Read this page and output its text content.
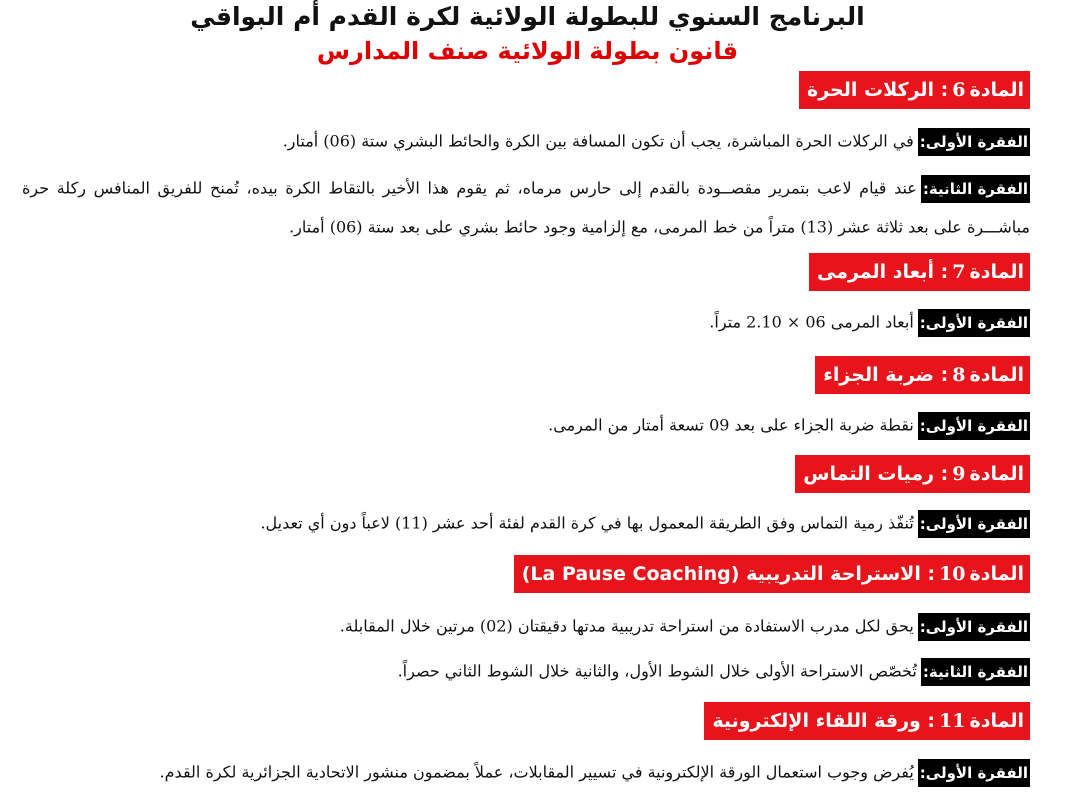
البرنامج السنوي للبطولة الولائية لكرة القدم أم البواقي
قانون بطولة الولائية صنف المدارس
المادة
6
: الركلات الحرة
الفقرة الأولى:في الركلات الحرة المباشرة، يجب أن تكون المسافة بين الكرة والحائط البشري ستة (06) أمتار.
الفقرة الثانية:عند قيام لاعب بتمرير مقصــودة بالقدم إلى حارس مرماه، ثم يقوم هذا الأخير بالتقاط الكرة بيده، تُمنح للفريق المنافس ركلة حرة مباشـــرة على بعد ثلاثة عشر (13) متراً من خط المرمى، مع إلزامية وجود حائط بشري على بعد ستة (06) أمتار.
المادة
7
: أبعاد المرمى
الفقرة الأولى:أبعاد المرمى 06 × 2.10 متراً.
المادة
8
: ضربة الجزاء
الفقرة الأولى:نقطة ضربة الجزاء على بعد 09 تسعة أمتار من المرمى.
المادة
9
: رميات التماس
الفقرة الأولى:تُنفّذ رمية التماس وفق الطريقة المعمول بها في كرة القدم لفئة أحد عشر (11) لاعباً دون أي تعديل.
المادة
10
: الاستراحة التدريبية (La Pause Coaching)
الفقرة الأولى:يحق لكل مدرب الاستفادة من استراحة تدريبية مدتها دقيقتان (02) مرتين خلال المقابلة.
الفقرة الثانية:تُخصّص الاستراحة الأولى خلال الشوط الأول، والثانية خلال الشوط الثاني حصراً.
المادة
11
: ورقة اللقاء الإلكترونية
الفقرة الأولى:يُفرض وجوب استعمال الورقة الإلكترونية في تسيير المقابلات، عملاً بمضمون منشور الاتحادية الجزائرية لكرة القدم.
